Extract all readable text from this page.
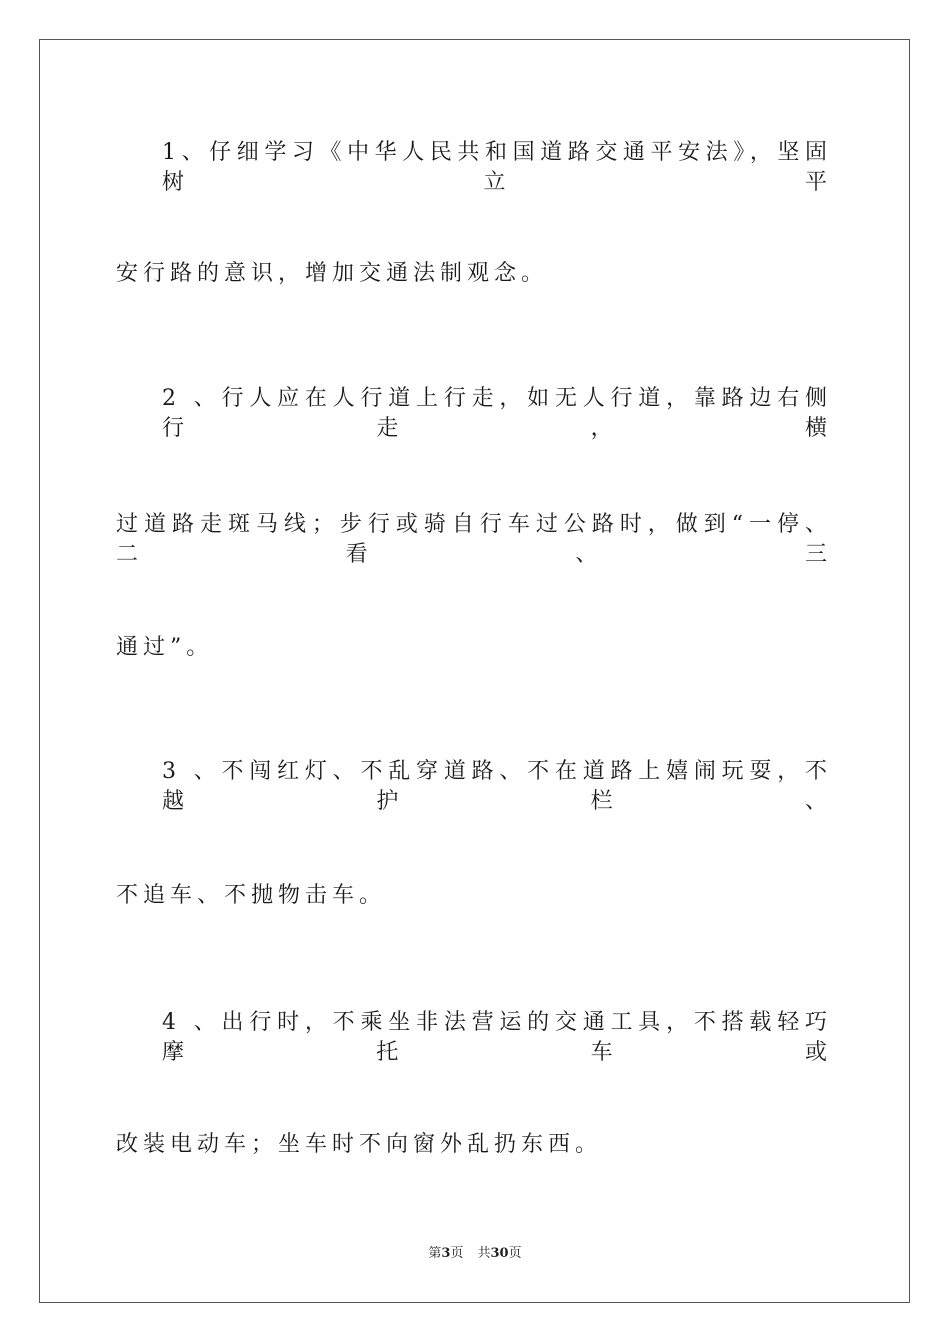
1、仔细学习《中华人民共和国道路交通平安法》，坚固树立平
安行路的意识，增加交通法制观念。
2 、行人应在人行道上行走，如无人行道，靠路边右侧行走，横
过道路走斑马线；步行或骑自行车过公路时，做到“一停、二看、三
通过”。
3 、不闯红灯、不乱穿道路、不在道路上嬉闹玩耍，不越护栏、
不追车、不抛物击车。
4 、出行时，不乘坐非法营运的交通工具，不搭载轻巧摩托车或
改装电动车；坐车时不向窗外乱扔东西。
第3页 共30页
